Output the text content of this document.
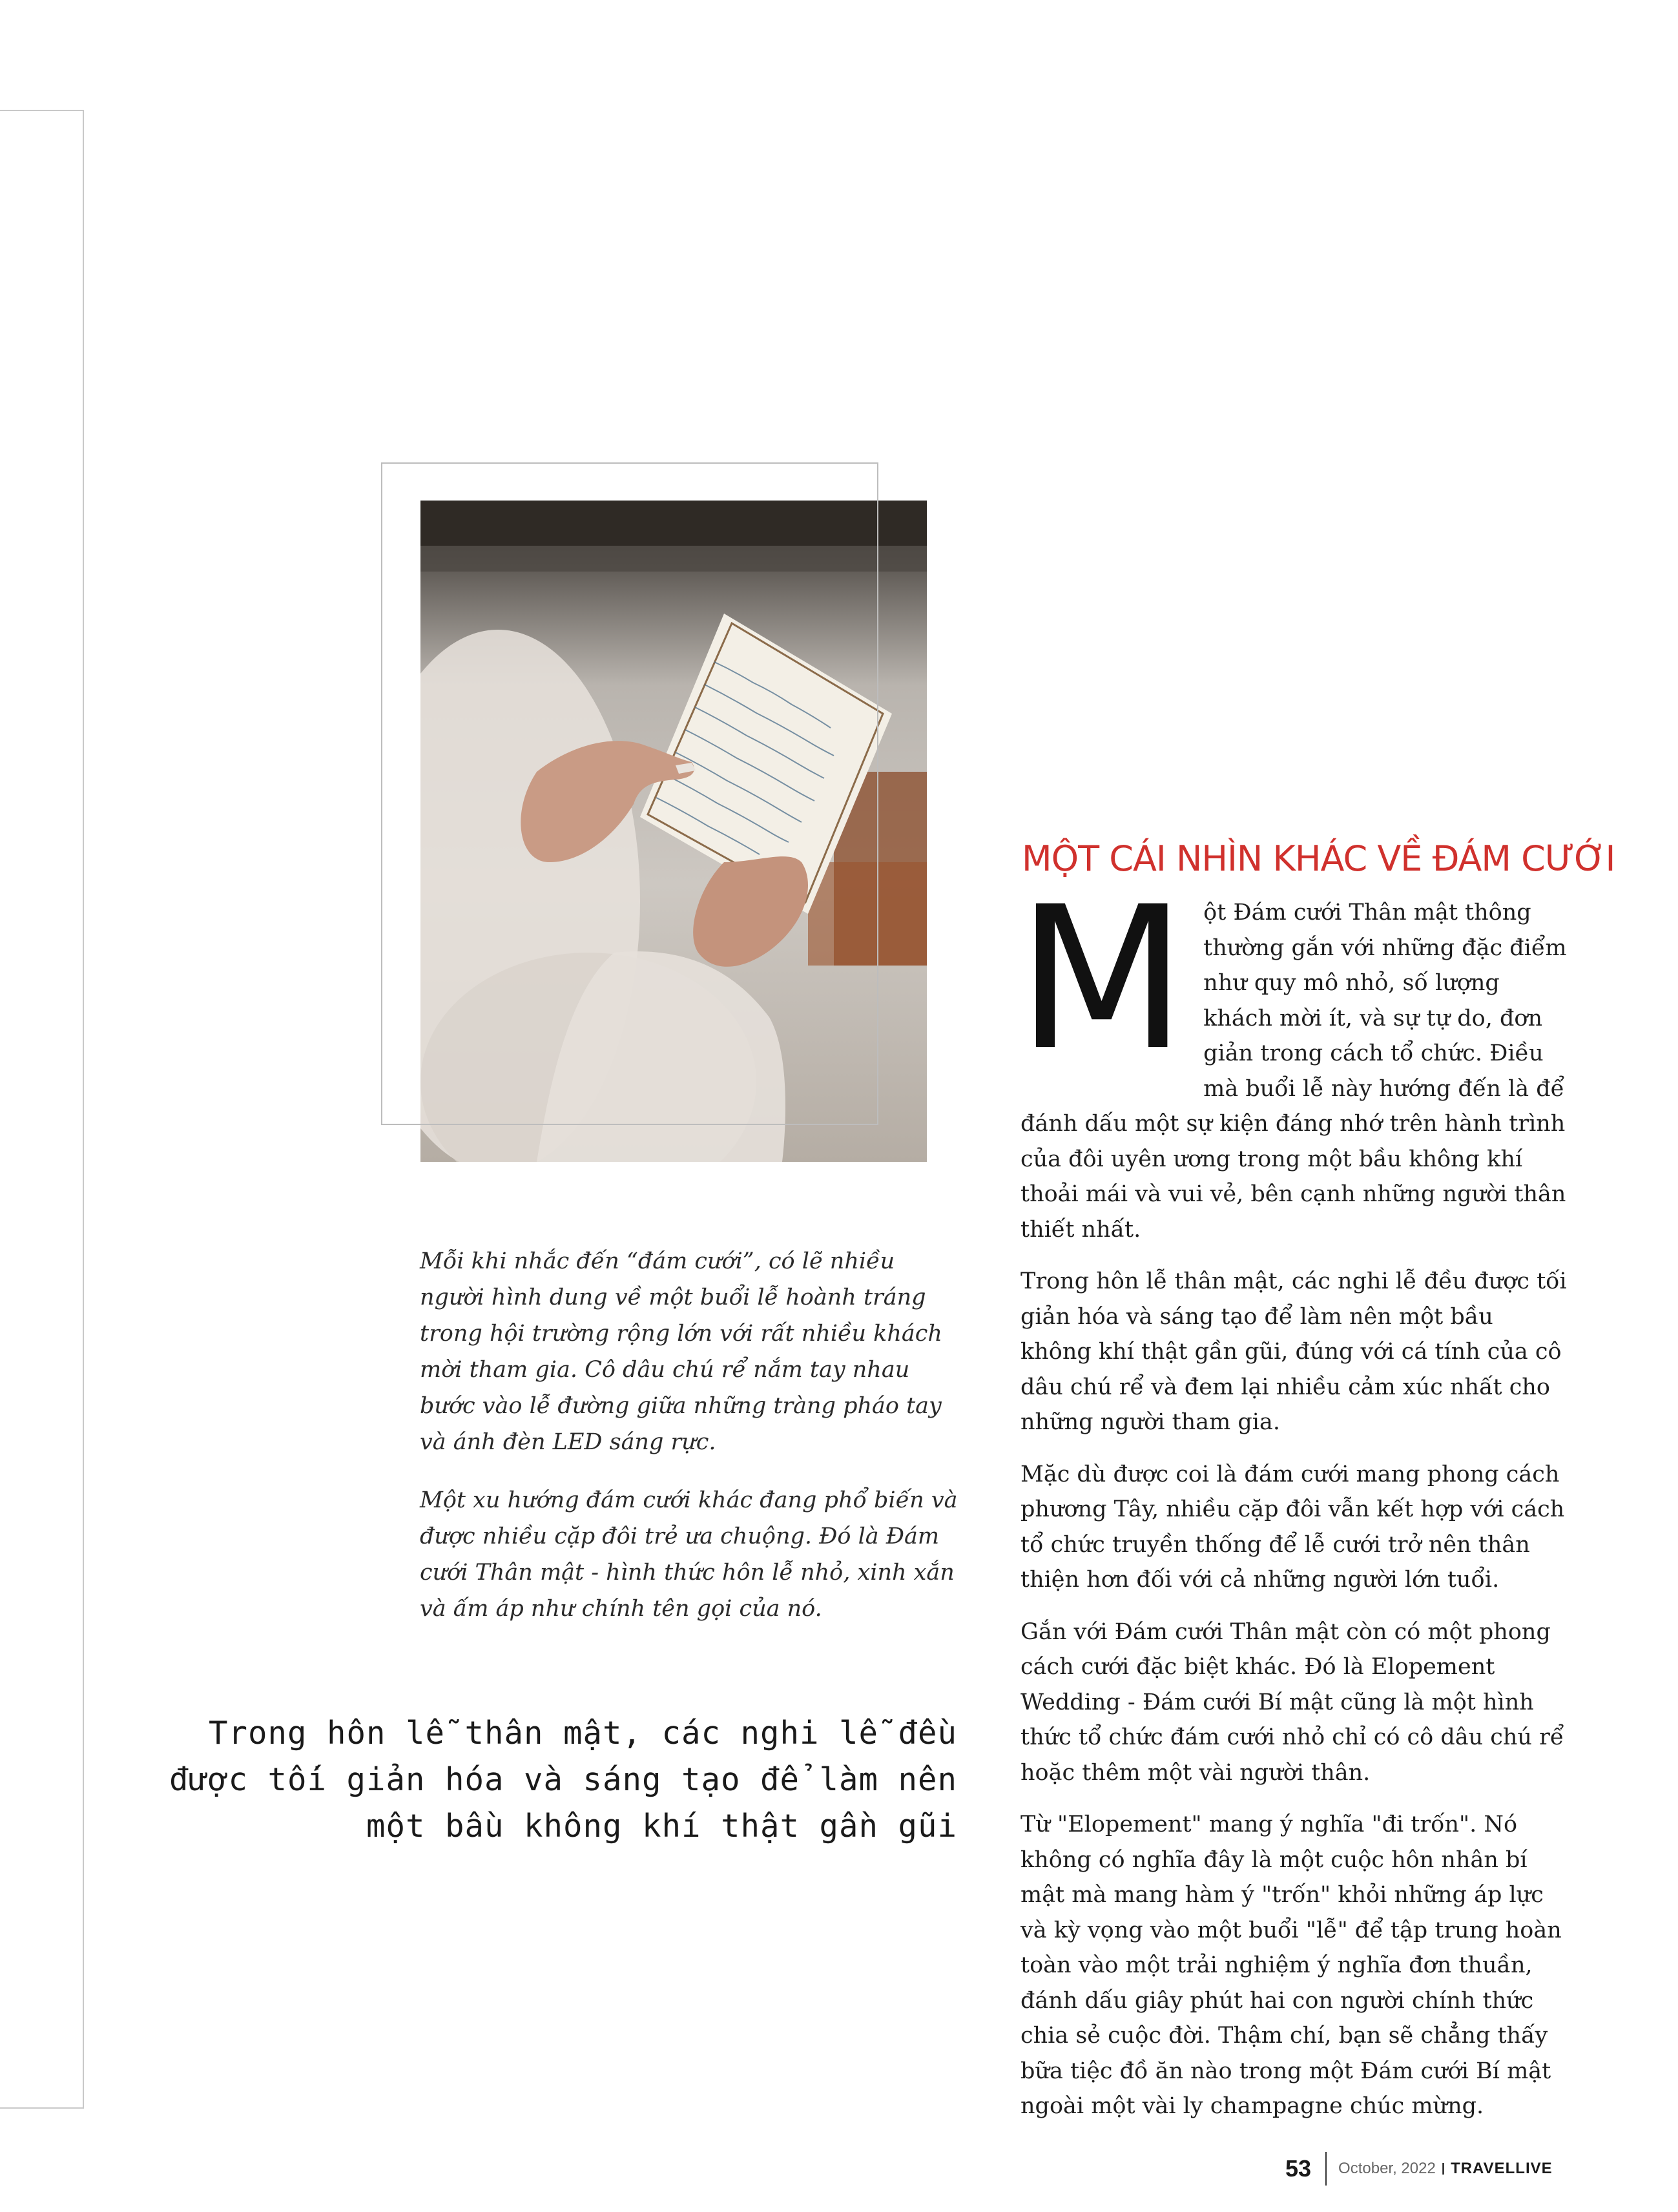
Mỗi khi nhắc đến “đám cưới”, có lẽ nhiều người hình dung về một buổi lễ hoành tráng trong hội trường rộng lớn với rất nhiều khách mời tham gia. Cô dâu chú rể nắm tay nhau bước vào lễ đường giữa những tràng pháo tay và ánh đèn LED sáng rực.

Một xu hướng đám cưới khác đang phổ biến và được nhiều cặp đôi trẻ ưa chuộng. Đó là Đám cưới Thân mật - hình thức hôn lễ nhỏ, xinh xắn và ấm áp như chính tên gọi của nó.

Trong hôn lễ thân mật, các nghi lễ đều được tối giản hóa và sáng tạo để làm nên một bầu không khí thật gần gũi
MỘT CÁI NHÌN KHÁC VỀ ĐÁM CƯỚI

Một Đám cưới Thân mật thông thường gắn với những đặc điểm như quy mô nhỏ, số lượng khách mời ít, và sự tự do, đơn giản trong cách tổ chức. Điều mà buổi lễ này hướng đến là để đánh dấu một sự kiện đáng nhớ trên hành trình của đôi uyên ương trong một bầu không khí thoải mái và vui vẻ, bên cạnh những người thân thiết nhất.

Trong hôn lễ thân mật, các nghi lễ đều được tối giản hóa và sáng tạo để làm nên một bầu không khí thật gần gũi, đúng với cá tính của cô dâu chú rể và đem lại nhiều cảm xúc nhất cho những người tham gia.

Mặc dù được coi là đám cưới mang phong cách phương Tây, nhiều cặp đôi vẫn kết hợp với cách tổ chức truyền thống để lễ cưới trở nên thân thiện hơn đối với cả những người lớn tuổi.

Gắn với Đám cưới Thân mật còn có một phong cách cưới đặc biệt khác. Đó là Elopement Wedding - Đám cưới Bí mật cũng là một hình thức tổ chức đám cưới nhỏ chỉ có cô dâu chú rể hoặc thêm một vài người thân.

Từ "Elopement" mang ý nghĩa "đi trốn". Nó không có nghĩa đây là một cuộc hôn nhân bí mật mà mang hàm ý "trốn" khỏi những áp lực và kỳ vọng vào một buổi "lễ" để tập trung hoàn toàn vào một trải nghiệm ý nghĩa đơn thuần, đánh dấu giây phút hai con người chính thức chia sẻ cuộc đời. Thậm chí, bạn sẽ chẳng thấy bữa tiệc đồ ăn nào trong một Đám cưới Bí mật ngoài một vài ly champagne chúc mừng.

53 October, 2022 I TRAVELLIVE
